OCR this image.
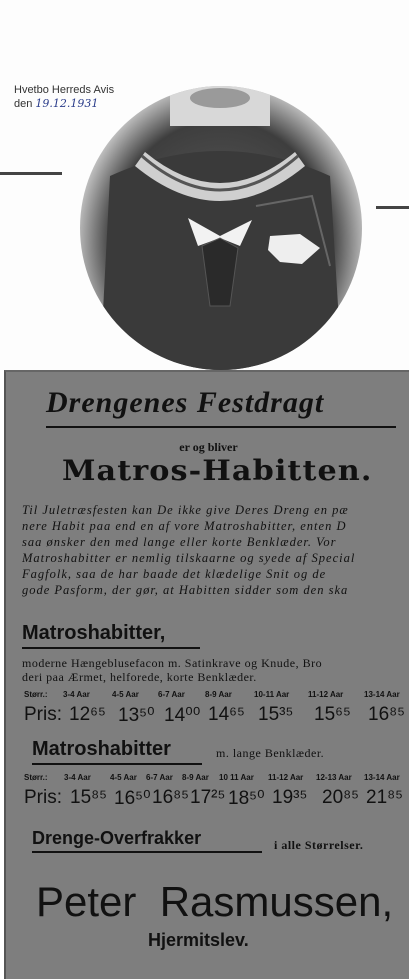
Hvetbo Herreds Avis
den 19.12.1931
Drengenes Festdragt
er og bliver
Matros-Habitten.
Til Juletræsfesten kan De ikke give Deres Dreng en pæ
nere Habit paa end en af vore Matroshabitter, enten D
saa ønsker den med lange eller korte Benklæder. Vor
Matroshabitter er nemlig tilskaarne og syede af Special
Fagfolk, saa de har baade det klædelige Snit og de
gode Pasform, der gør, at Habitten sidder som den ska
Matroshabitter,
moderne Hængeblusefacon m. Satinkrave og Knude, Bro
deri paa Ærmet, helforede, korte Benklæder.
Størr.: 3-4 Aar	4-5 Aar 6-7 Aar	8-9 Aar	10-11 Aar 11-12 Aar	13-14 Aar
Pris: 12⁶⁵ 13⁵⁰ 14⁰⁰ 14⁶⁵ 15³⁵ 15⁶⁵ 16⁸⁵
Matroshabitter	m. lange Benklæder.
Størr.: 3-4 Aar 4-5 Aar 6-7 Aar 8-9 Aar 10 11 Aar 11-12 Aar 12-13 Aar 13-14 Aar
Pris: 15⁸⁵ 16⁵⁰ 16⁸⁵ 17²⁵ 18⁵⁰ 19³⁵ 20⁸⁵ 21⁸⁵
Drenge-Overfrakker	i alle Størrelser.
Peter  Rasmussen,
Hjermitslev.
